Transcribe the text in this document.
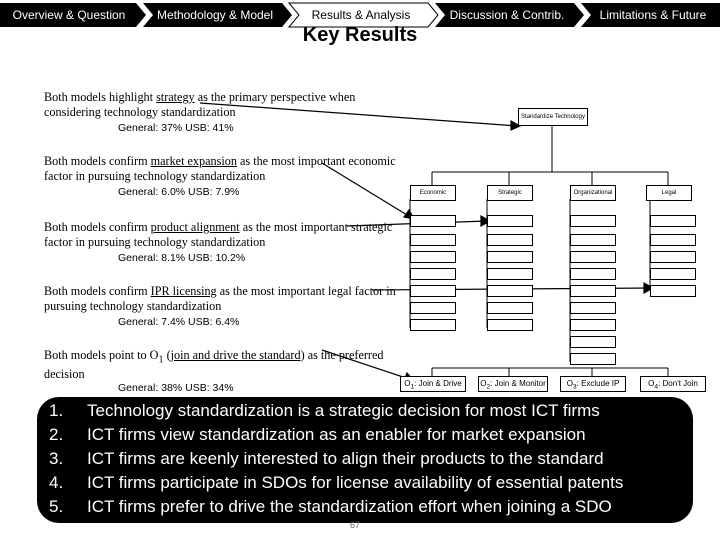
Overview & Question	Methodology & Model	Results & Analysis	Discussion & Contrib.	Limitations & Future
Key Results
Both models highlight strategy as the primary perspective when considering technology standardization
General: 37% USB: 41%
Both models confirm market expansion as the most important economic factor in pursuing technology standardization
General: 6.0% USB: 7.9%
Both models confirm product alignment as the most important strategic factor in pursuing technology standardization
General: 8.1% USB: 10.2%
Both models confirm IPR licensing as the most important legal factor in pursuing technology standardization
General: 7.4% USB: 6.4%
Both models point to $O_1$ (join and drive the standard) as the preferred decision
General: 38% USB: 34%
Standardize Technology
Economic	Strategic	Organizational	Legal
$O_1$: Join & Drive	$O_2$: Join & Monitor	$O_3$: Exclude IP	$O_4$: Don't Join
1. Technology standardization is a strategic decision for most ICT firms
2. ICT firms view standardization as an enabler for market expansion
3. ICT firms are keenly interested to align their products to the standard
4. ICT firms participate in SDOs for license availability of essential patents
5. ICT firms prefer to drive the standardization effort when joining a SDO
67
